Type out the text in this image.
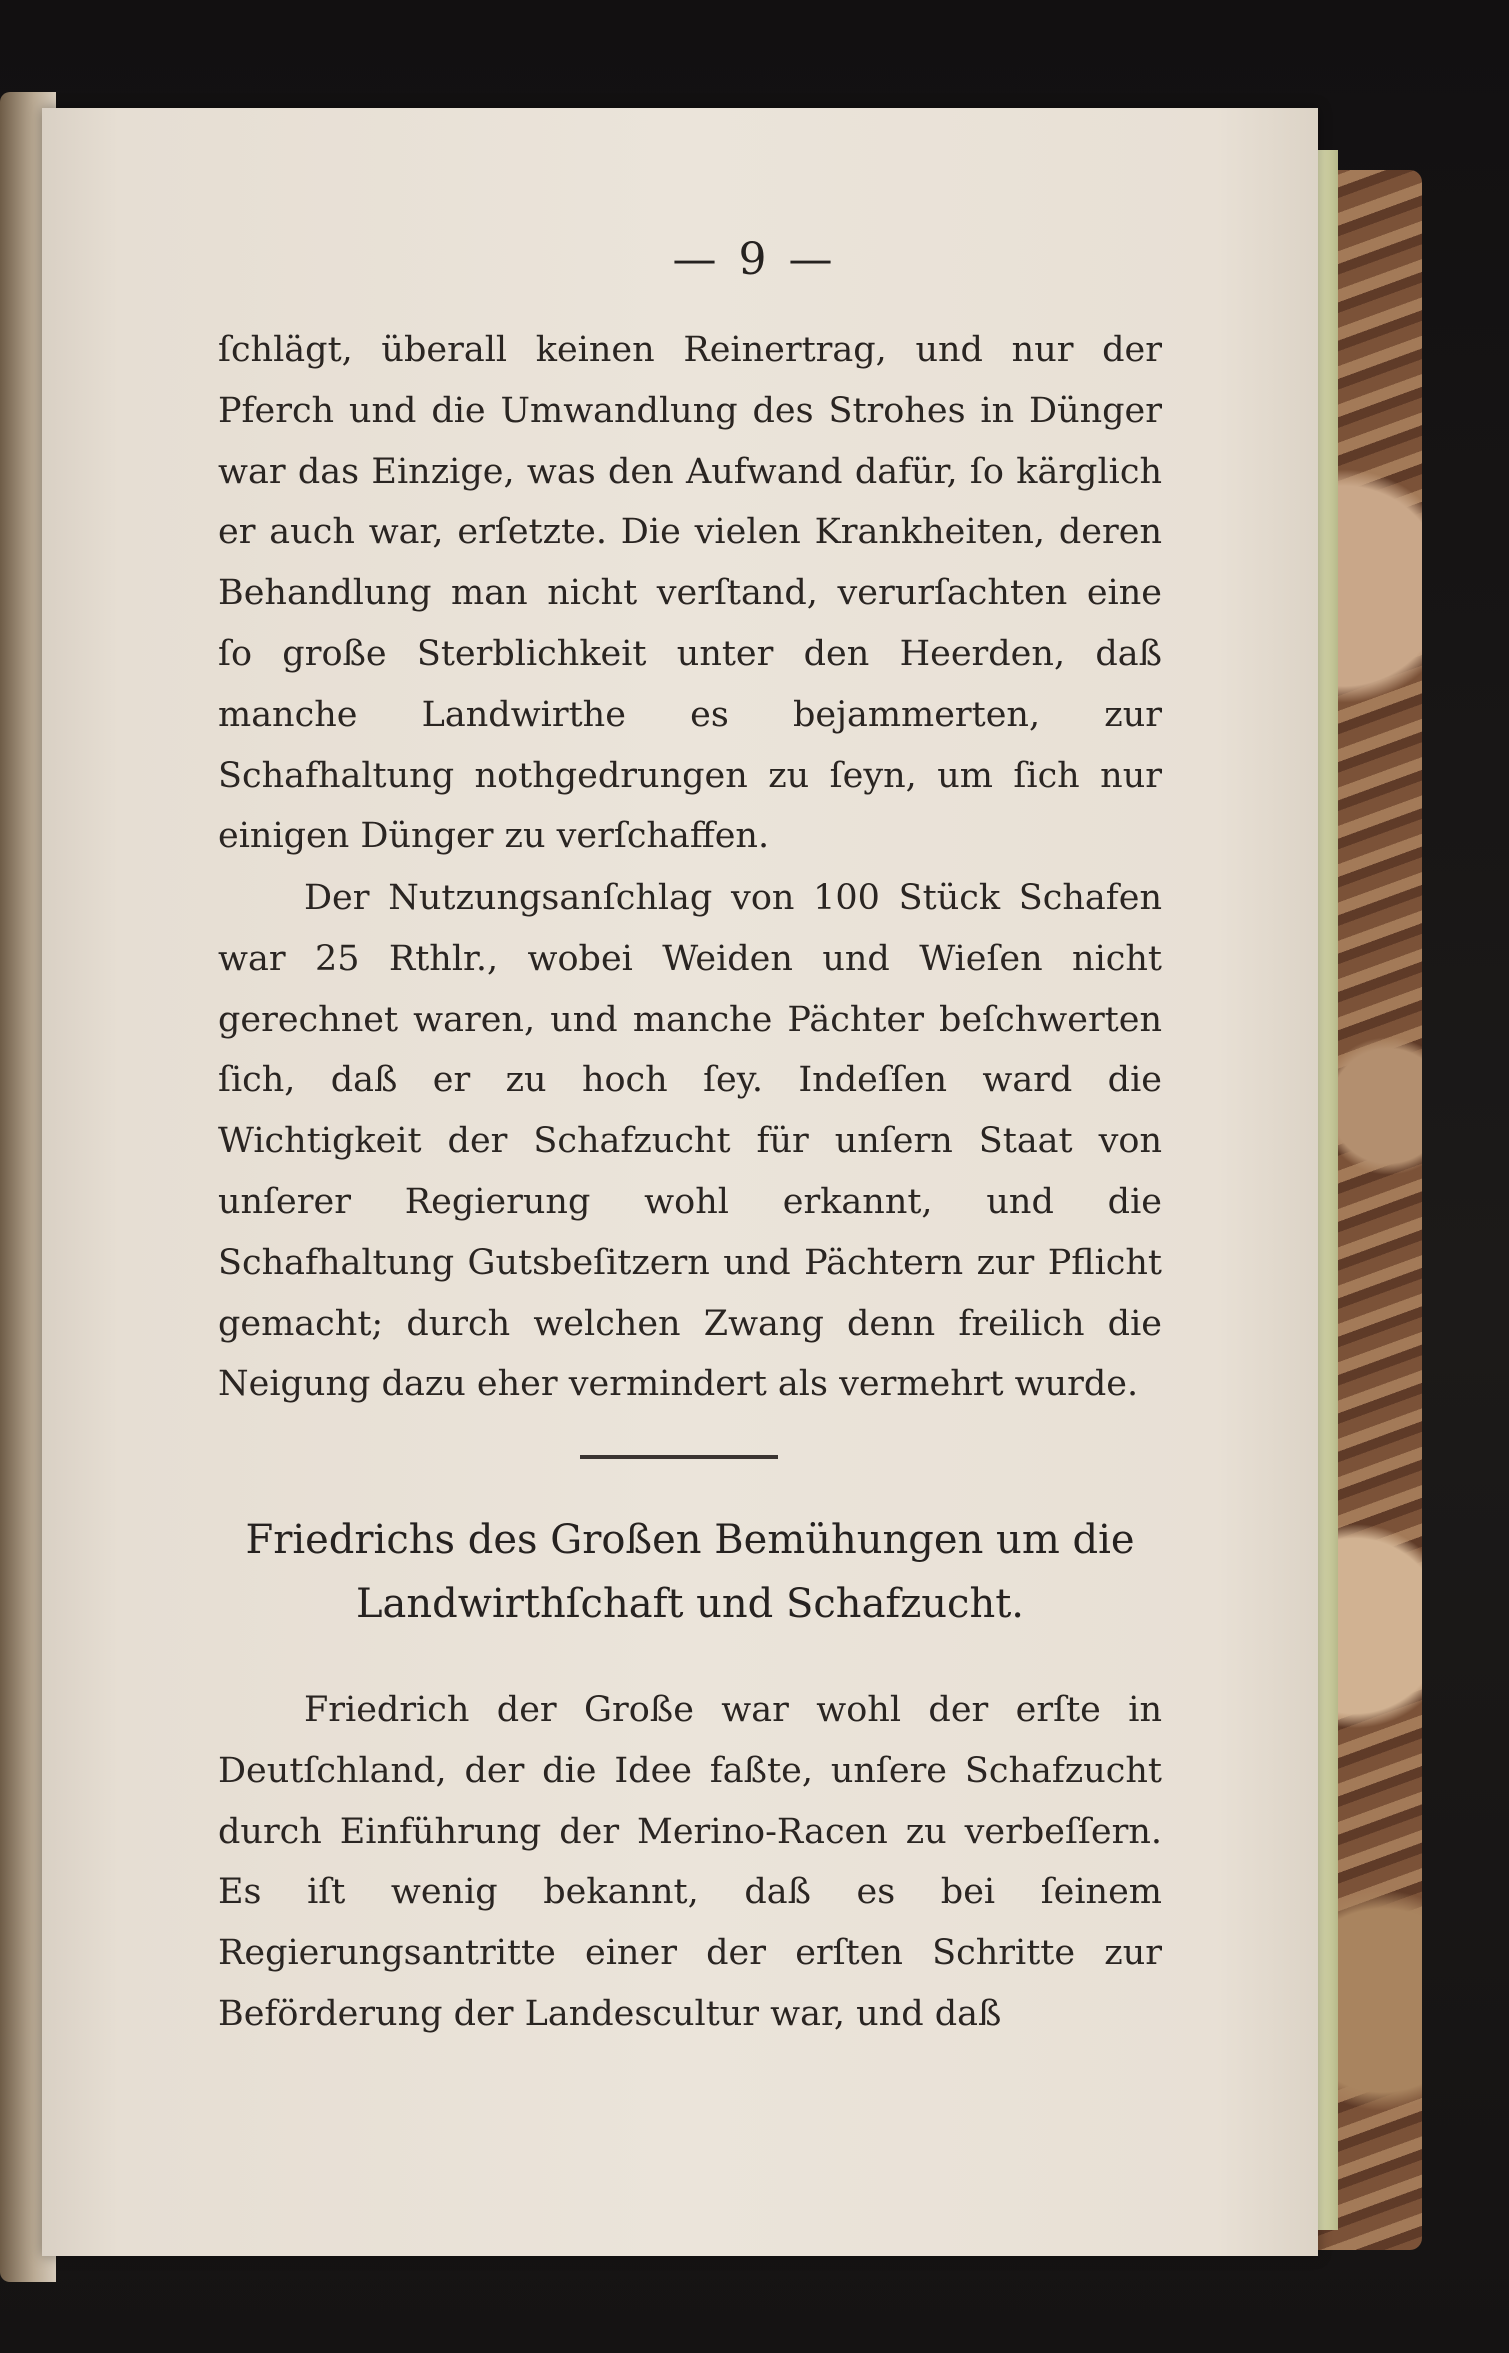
— 9 —

ſchlägt, überall keinen Reinertrag, und nur der Pferch und die Umwandlung des Strohes in Dünger war das Einzige, was den Aufwand dafür, ſo kärglich er auch war, erſetzte. Die vielen Krankheiten, deren Behandlung man nicht verſtand, verurſachten eine ſo große Sterblichkeit unter den Heerden, daß manche Landwirthe es bejammerten, zur Schafhaltung nothgedrungen zu ſeyn, um ſich nur einigen Dünger zu verſchaffen.

Der Nutzungsanſchlag von 100 Stück Schafen war 25 Rthlr., wobei Weiden und Wieſen nicht gerechnet waren, und manche Pächter beſchwerten ſich, daß er zu hoch ſey. Indeſſen ward die Wichtigkeit der Schafzucht für unſern Staat von unſerer Regierung wohl erkannt, und die Schafhaltung Gutsbeſitzern und Pächtern zur Pflicht gemacht; durch welchen Zwang denn freilich die Neigung dazu eher vermindert als vermehrt wurde.

Friedrichs des Großen Bemühungen um die Landwirthſchaft und Schafzucht.

Friedrich der Große war wohl der erſte in Deutſchland, der die Idee faßte, unſere Schafzucht durch Einführung der Merino-Racen zu verbeſſern. Es iſt wenig bekannt, daß es bei ſeinem Regierungsantritte einer der erſten Schritte zur Beförderung der Landescultur war, und daß
